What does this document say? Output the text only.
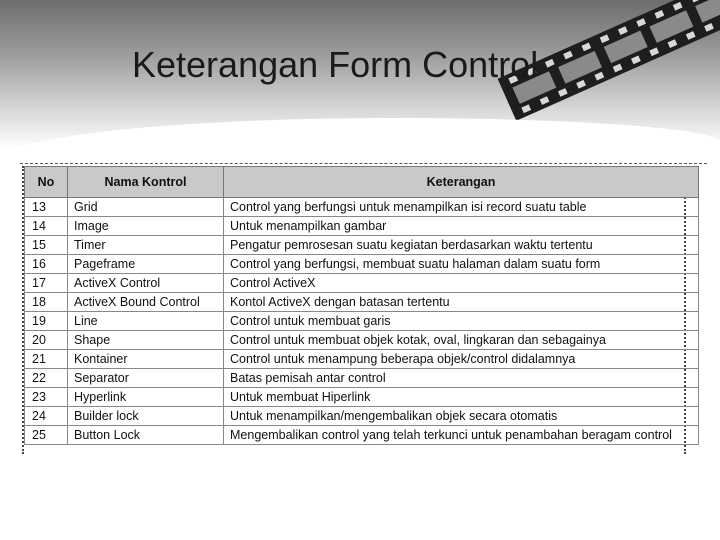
Keterangan Form Control
No	Nama Kontrol	Keterangan
13	Grid	Control yang berfungsi untuk menampilkan isi record suatu table
14	Image	Untuk menampilkan gambar
15	Timer	Pengatur pemrosesan suatu kegiatan berdasarkan waktu tertentu
16	Pageframe	Control yang berfungsi, membuat suatu halaman dalam suatu form
17	ActiveX Control	Control ActiveX
18	ActiveX Bound Control	Kontol ActiveX dengan batasan tertentu
19	Line	Control untuk membuat garis
20	Shape	Control untuk membuat objek kotak, oval, lingkaran dan sebagainya
21	Kontainer	Control untuk menampung beberapa objek/control didalamnya
22	Separator	Batas pemisah antar control
23	Hyperlink	Untuk membuat Hiperlink
24	Builder lock	Untuk menampilkan/mengembalikan objek secara otomatis
25	Button Lock	Mengembalikan control yang telah terkunci untuk penambahan beragam control
